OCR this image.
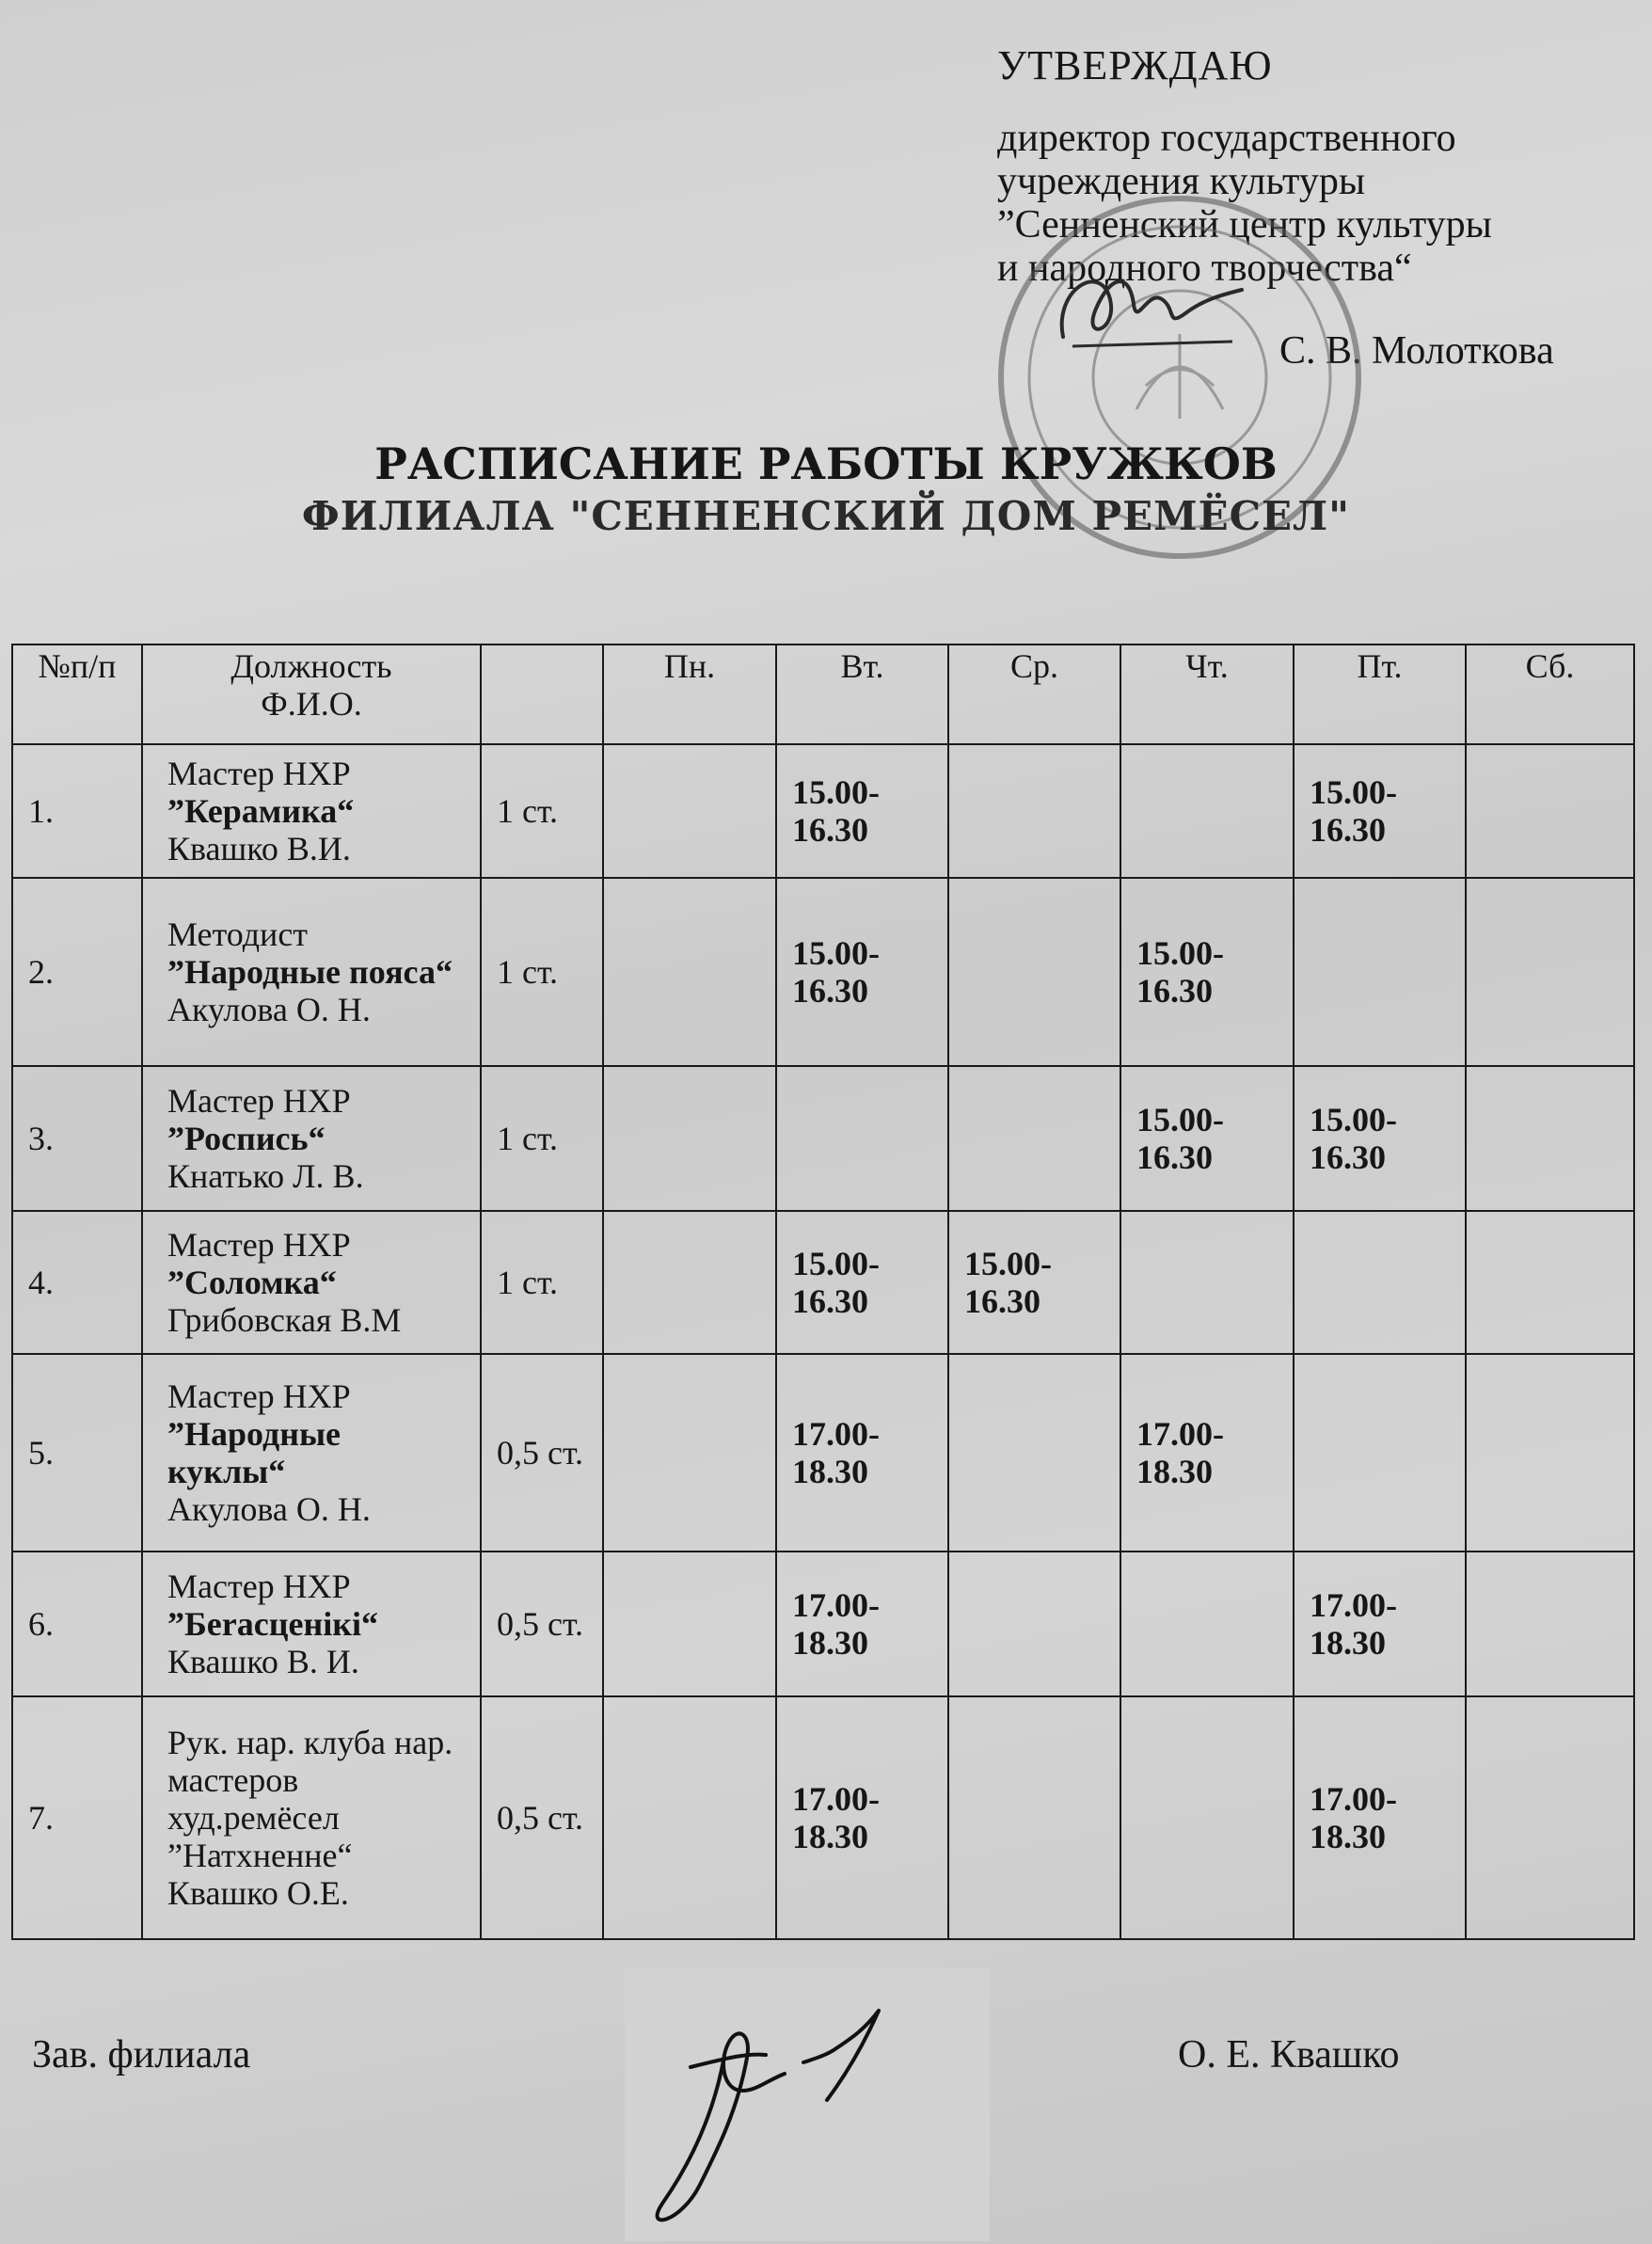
УТВЕРЖДАЮ
директор государственного
учреждения культуры
”Сенненский центр культуры
и народного творчества“
С. В. Молоткова
РАСПИСАНИЕ РАБОТЫ КРУЖКОВ
ФИЛИАЛА "СЕННЕНСКИЙ ДОМ РЕМЁСЕЛ"
№п/п	Должность
Ф.И.О.		Пн.	Вт.	Ср.	Чт.	Пт.	Сб.
1.	Мастер НХР
”Керамика“
Квашко В.И.	1 ст.		15.00-16.30			15.00-16.30	
2.	Методист
”Народные пояса“
Акулова О. Н.	1 ст.		15.00-16.30		15.00-16.30		
3.	Мастер НХР
”Роспись“
Кнатько Л. В.	1 ст.				15.00-16.30	15.00-16.30	
4.	Мастер НХР
”Соломка“
Грибовская В.М	1 ст.		15.00-16.30	15.00-16.30			
5.	Мастер НХР
”Народные куклы“
Акулова О. Н.	0,5 ст.		17.00-18.30		17.00-18.30		
6.	Мастер НХР
”Бerасценікі“
Квашко В. И.	0,5 ст.		17.00-18.30			17.00-18.30	
7.	Рук. нар. клуба нар. мастеров худ.ремёсел ”Натхненне“
Квашко О.Е.	0,5 ст.		17.00-18.30			17.00-18.30	
Зав. филиала	О. Е. Квашко
